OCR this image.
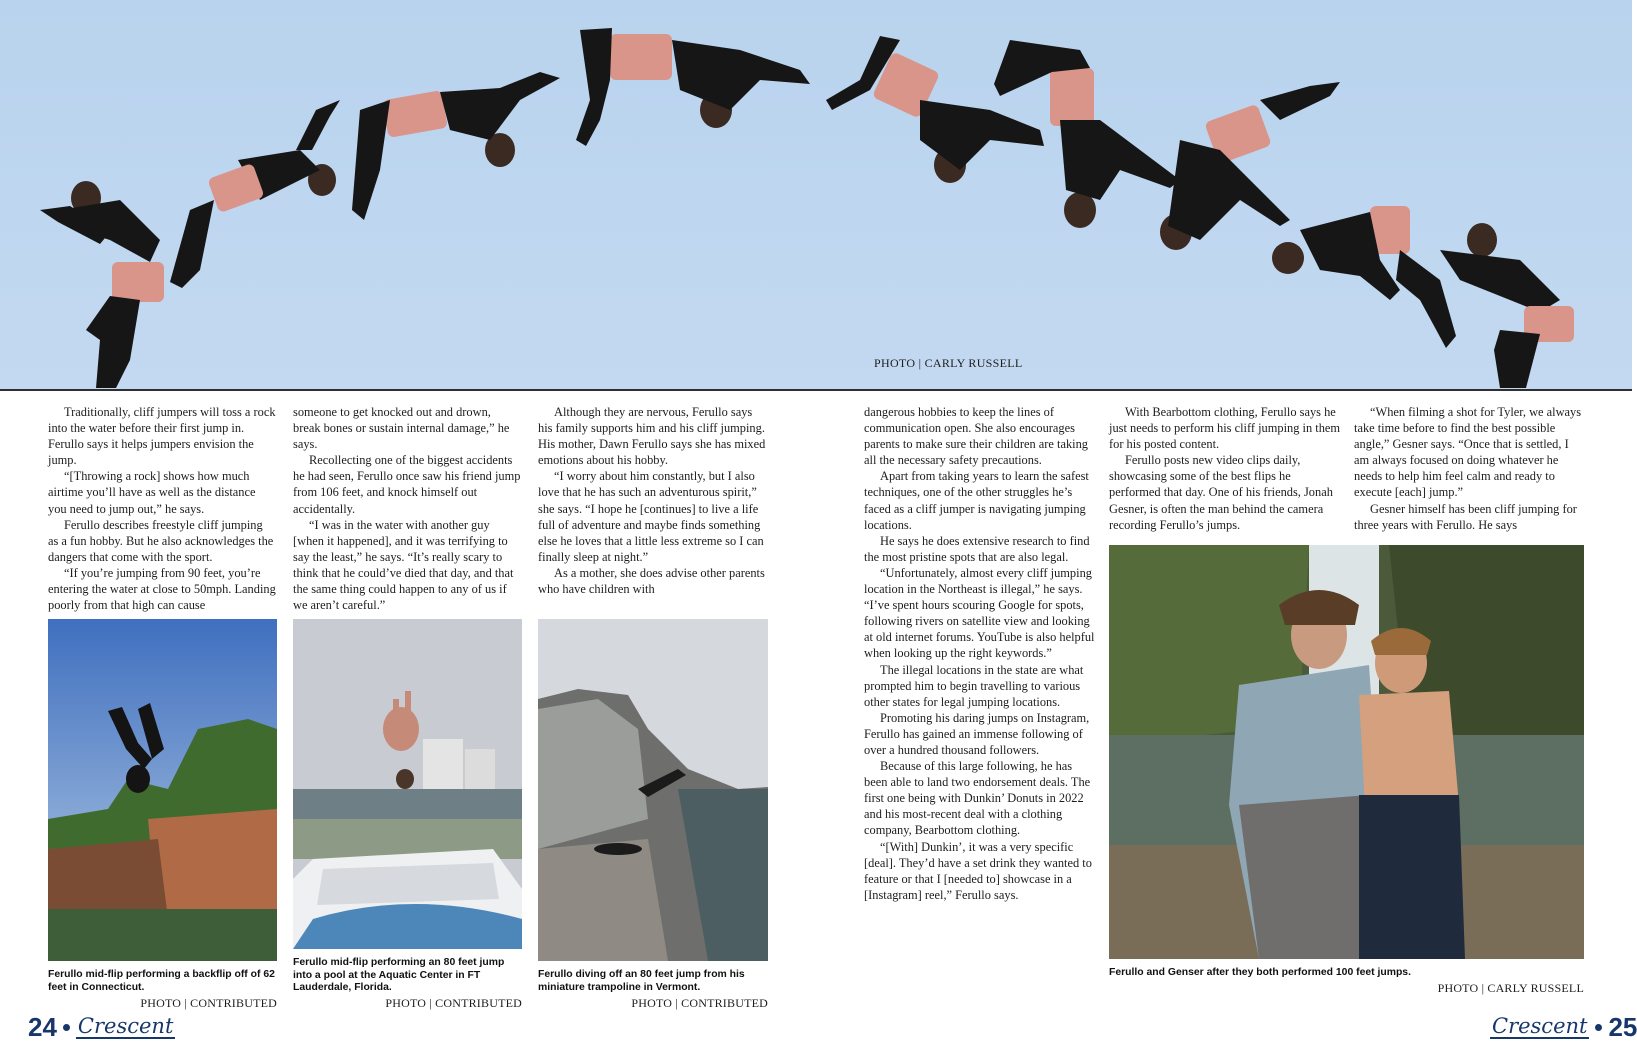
PHOTO | CARLY RUSSELL

Traditionally, cliff jumpers will toss a rock into the water before their first jump in. Ferullo says it helps jumpers envision the jump.

“[Throwing a rock] shows how much airtime you’ll have as well as the distance you need to jump out,” he says.

Ferullo describes freestyle cliff jumping as a fun hobby. But he also acknowledges the dangers that come with the sport.

“If you’re jumping from 90 feet, you’re entering the water at close to 50mph. Landing poorly from that high can cause

someone to get knocked out and drown, break bones or sustain internal damage,” he says.

Recollecting one of the biggest accidents he had seen, Ferullo once saw his friend jump from 106 feet, and knock himself out accidentally.

“I was in the water with another guy [when it happened], and it was terrifying to say the least,” he says. “It’s really scary to think that he could’ve died that day, and that the same thing could happen to any of us if we aren’t careful.”

Although they are nervous, Ferullo says his family supports him and his cliff jumping. His mother, Dawn Ferullo says she has mixed emotions about his hobby.

“I worry about him constantly, but I also love that he has such an adventurous spirit,” she says. “I hope he [continues] to live a life full of adventure and maybe finds something else he loves that a little less extreme so I can finally sleep at night.”

As a mother, she does advise other parents who have children with

Ferullo mid-flip performing a backflip off of 62 feet in Connecticut.
PHOTO | CONTRIBUTED
Ferullo mid-flip performing an 80 feet jump into a pool at the Aquatic Center in FT Lauderdale, Florida.
PHOTO | CONTRIBUTED
Ferullo diving off an 80 feet jump from his miniature trampoline in Vermont.
PHOTO | CONTRIBUTED

dangerous hobbies to keep the lines of communication open. She also encourages parents to make sure their children are taking all the necessary safety precautions.

Apart from taking years to learn the safest techniques, one of the other struggles he’s faced as a cliff jumper is navigating jumping locations.

He says he does extensive research to find the most pristine spots that are also legal.

“Unfortunately, almost every cliff jumping location in the Northeast is illegal,” he says. “I’ve spent hours scouring Google for spots, following rivers on satellite view and looking at old internet forums. YouTube is also helpful when looking up the right keywords.”

The illegal locations in the state are what prompted him to begin travelling to various other states for legal jumping locations.

Promoting his daring jumps on Instagram, Ferullo has gained an immense following of over a hundred thousand followers.

Because of this large following, he has been able to land two endorsement deals. The first one being with Dunkin’ Donuts in 2022 and his most-recent deal with a clothing company, Bearbottom clothing.

“[With] Dunkin’, it was a very specific [deal]. They’d have a set drink they wanted to feature or that I [needed to] showcase in a [Instagram] reel,” Ferullo says.

With Bearbottom clothing, Ferullo says he just needs to perform his cliff jumping in them for his posted content.

Ferullo posts new video clips daily, showcasing some of the best flips he performed that day. One of his friends, Jonah Gesner, is often the man behind the camera recording Ferullo’s jumps.

“When filming a shot for Tyler, we always take time before to find the best possible angle,” Gesner says. “Once that is settled, I am always focused on doing whatever he needs to help him feel calm and ready to execute [each] jump.”

Gesner himself has been cliff jumping for three years with Ferullo. He says

Ferullo and Genser after they both performed 100 feet jumps.
PHOTO | CARLY RUSSELL
24 Crescent	Crescent 25
